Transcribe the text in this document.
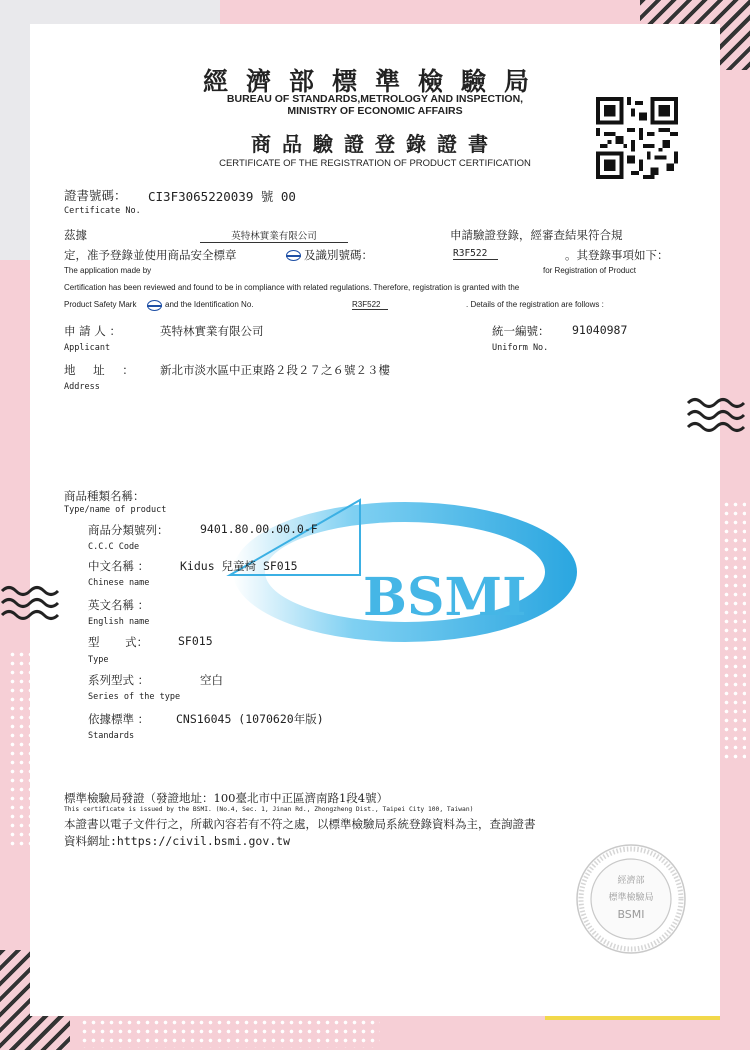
經濟部標準檢驗局
BUREAU OF STANDARDS,METROLOGY AND INSPECTION,
MINISTRY OF ECONOMIC AFFAIRS
商品驗證登錄證書
CERTIFICATE OF THE REGISTRATION OF PRODUCT CERTIFICATION
證書號碼： CI3F3065220039 號 00
Certificate No.
茲據	英特林實業有限公司	申請驗證登錄，經審查結果符合規
定，准予登錄並使用商品安全標章	及識別號碼：	R3F522	。其登錄事項如下：
The application made by	for Registration of Product
Certification has been reviewed and found to be in compliance with related regulations. Therefore, registration is granted with the
Product Safety Mark	and the Identification No.	R3F522	. Details of the registration are follows :
申 請 人 ：	英特林實業有限公司
Applicant
統一編號： 91040987
Uniform No.
地 址 ： 新北市淡水區中正東路２段２７之６號２３樓
Address
BSMI
商品種類名稱：
Type/name of product
商品分類號列：	9401.80.00.00.0-F
C.C.C Code
中文名稱 ：	Kidus 兒童椅 SF015
Chinese name
英文名稱 ：
English name
型 式：	SF015
Type
系列型式 ：	空白
Series of the type
依據標準 ： CNS16045 (1070620年版)
Standards
標準檢驗局發證（發證地址：100臺北市中正區濟南路1段4號）
This certificate is issued by the BSMI. (No.4, Sec. 1, Jinan Rd., Zhongzheng Dist., Taipei City 100, Taiwan)
本證書以電子文件行之，所載內容若有不符之處，以標準檢驗局系統登錄資料為主，查詢證書
資料網址:https://civil.bsmi.gov.tw
經濟部
標準檢驗局
BSMI
